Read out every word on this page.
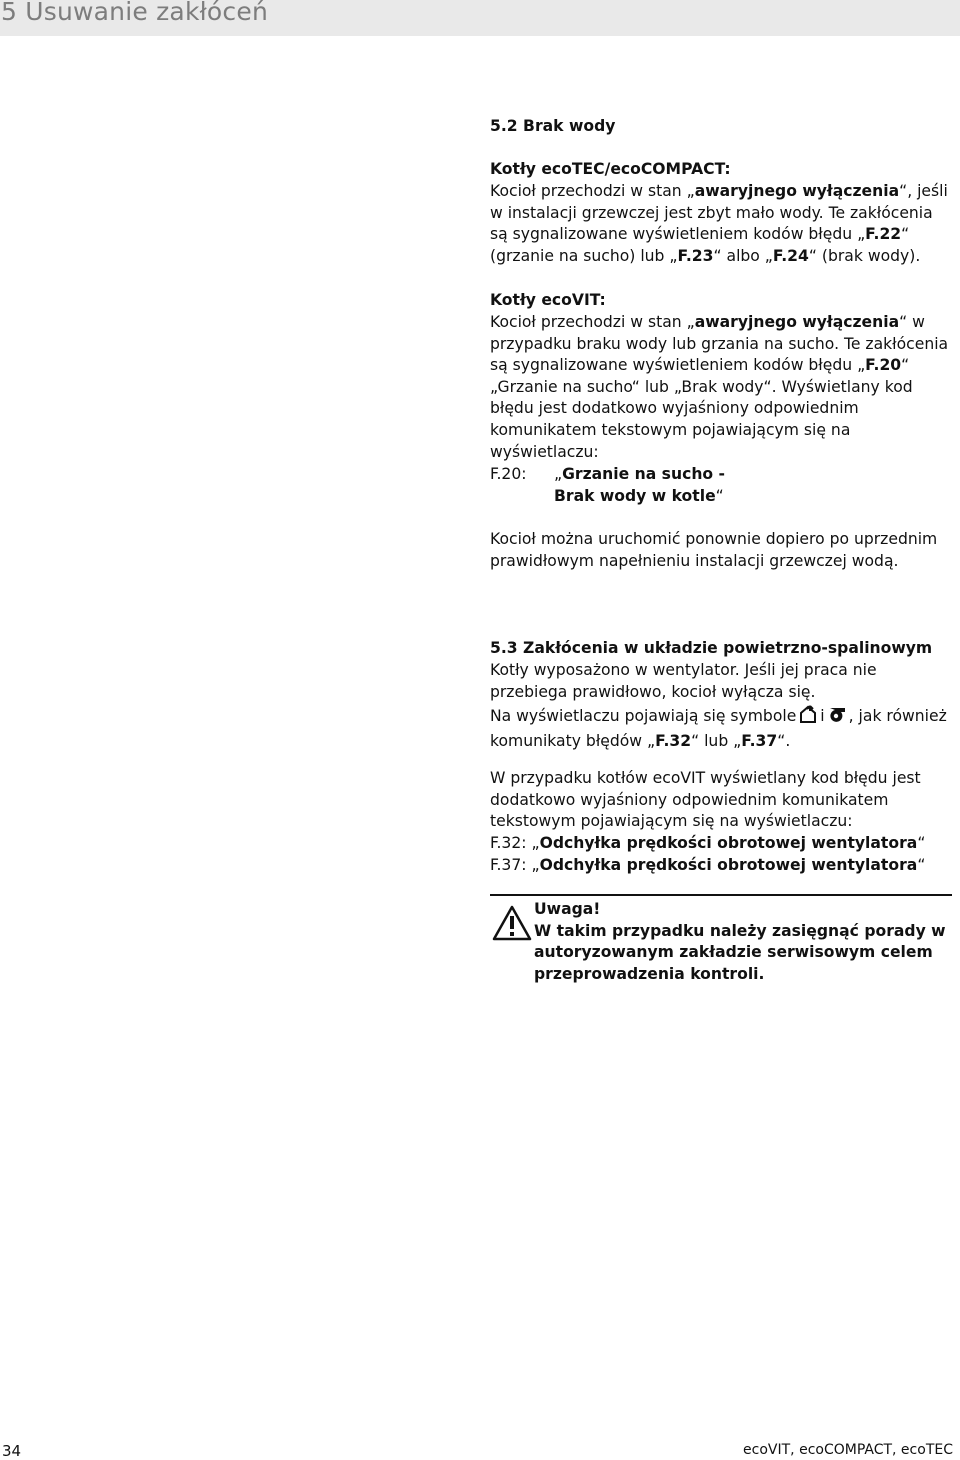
5 Usuwanie zakłóceń
5.2 Brak wody
Kotły ecoTEC/ecoCOMPACT:

Kocioł przechodzi w stan „awaryjnego wyłączenia“, jeśli w instalacji grzewczej jest zbyt mało wody. Te zakłócenia są sygnalizowane wyświetleniem kodów błędu „F.22“ (grzanie na sucho) lub „F.23“ albo „F.24“ (brak wody).

Kotły ecoVIT:

Kocioł przechodzi w stan „awaryjnego wyłączenia“ w przypadku braku wody lub grzania na sucho. Te zakłócenia są sygnalizowane wyświetleniem kodów błędu „F.20“ „Grzanie na sucho“ lub „Brak wody“. Wyświetlany kod błędu jest dodatkowo wyjaśniony odpowiednim komunikatem tekstowym pojawiającym się na wyświetlaczu:

F.20: „Grzanie na sucho -
Brak wody w kotle“

Kocioł można uruchomić ponownie dopiero po uprzednim prawidłowym napełnieniu instalacji grzewczej wodą.

5.3 Zakłócenia w układzie powietrzno-spalinowym

Kotły wyposażono w wentylator. Jeśli jej praca nie przebiega prawidłowo, kocioł wyłącza się.

Na wyświetlaczu pojawiają się symbole i , jak również komunikaty błędów „F.32“ lub „F.37“.

W przypadku kotłów ecoVIT wyświetlany kod błędu jest dodatkowo wyjaśniony odpowiednim komunikatem tekstowym pojawiającym się na wyświetlaczu:

F.32: „Odchyłka prędkości obrotowej wentylatora“

F.37: „Odchyłka prędkości obrotowej wentylatora“

Uwaga!
W takim przypadku należy zasięgnąć porady w autoryzowanym zakładzie serwisowym celem przeprowadzenia kontroli.
34	ecoVIT, ecoCOMPACT, ecoTEC
